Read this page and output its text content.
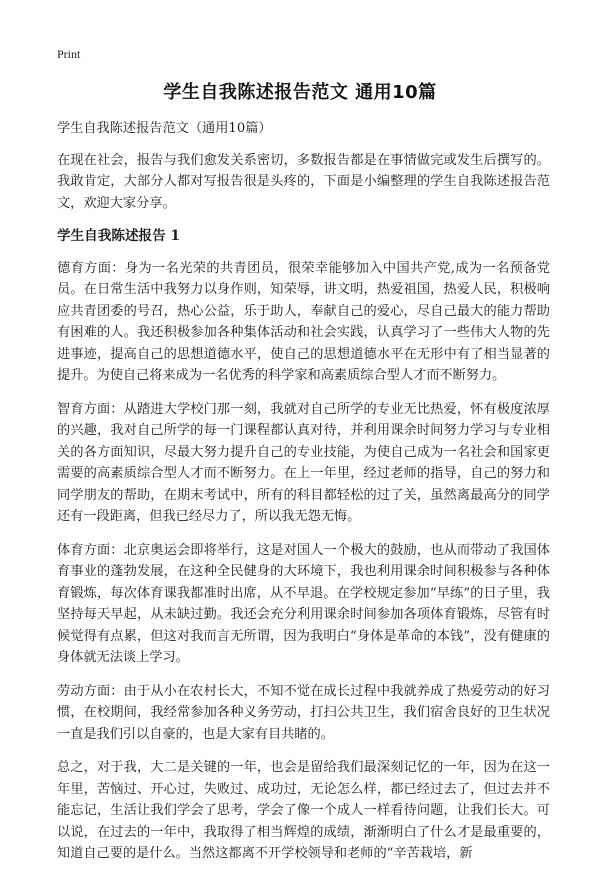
Print
学生自我陈述报告范文 通用10篇

学生自我陈述报告范文（通用10篇）

在现在社会，报告与我们愈发关系密切，多数报告都是在事情做完或发生后撰写的。我敢肯定，大部分人都对写报告很是头疼的，下面是小编整理的学生自我陈述报告范文，欢迎大家分享。

学生自我陈述报告 1

德育方面：身为一名光荣的共青团员，很荣幸能够加入中国共产党,成为一名预备党员。在日常生活中我努力以身作则，知荣辱，讲文明，热爱祖国，热爱人民，积极响应共青团委的号召，热心公益，乐于助人，奉献自己的爱心，尽自己最大的能力帮助有困难的人。我还积极参加各种集体活动和社会实践，认真学习了一些伟大人物的先进事迹，提高自己的思想道德水平，使自己的思想道德水平在无形中有了相当显著的提升。为使自己将来成为一名优秀的科学家和高素质综合型人才而不断努力。

智育方面：从踏进大学校门那一刻，我就对自己所学的专业无比热爱，怀有极度浓厚的兴趣，我对自己所学的每一门课程都认真对待，并利用课余时间努力学习与专业相关的各方面知识，尽最大努力提升自己的专业技能，为使自己成为一名社会和国家更需要的高素质综合型人才而不断努力。在上一年里，经过老师的指导，自己的努力和同学朋友的帮助，在期末考试中，所有的科目都轻松的过了关，虽然离最高分的同学还有一段距离，但我已经尽力了，所以我无怨无悔。

体育方面：北京奥运会即将举行，这是对国人一个极大的鼓励，也从而带动了我国体育事业的蓬勃发展，在这种全民健身的大环境下，我也利用课余时间积极参与各种体育锻炼，每次体育课我都准时出席，从不早退。在学校规定参加“早练”的日子里，我坚持每天早起，从未缺过勤。我还会充分利用课余时间参加各项体育锻炼，尽管有时候觉得有点累，但这对我而言无所谓，因为我明白“身体是革命的本钱”，没有健康的身体就无法谈上学习。

劳动方面：由于从小在农村长大，不知不觉在成长过程中我就养成了热爱劳动的好习惯，在校期间，我经常参加各种义务劳动，打扫公共卫生，我们宿舍良好的卫生状况一直是我们引以自豪的，也是大家有目共睹的。

总之，对于我，大二是关键的一年，也会是留给我们最深刻记忆的一年，因为在这一年里，苦恼过、开心过，失败过、成功过，无论怎么样，都已经过去了，但过去并不能忘记，生活让我们学会了思考，学会了像一个成人一样看待问题，让我们长大。可以说，在过去的一年中，我取得了相当辉煌的成绩，渐渐明白了什么才是最重要的，知道自己要的是什么。当然这都离不开学校领导和老师的“辛苦栽培，新
